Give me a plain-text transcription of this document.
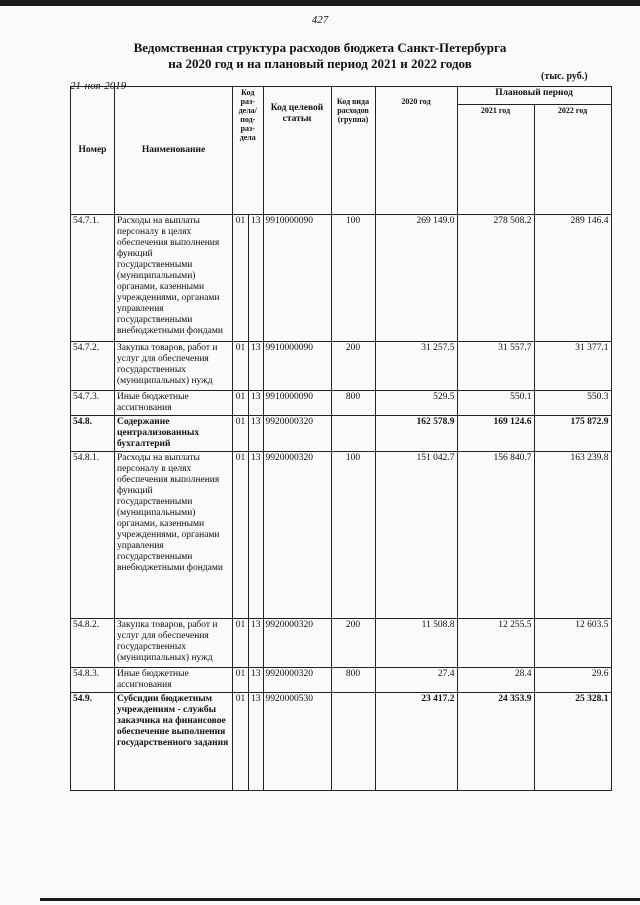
427
Ведомственная структура расходов бюджета Санкт-Петербурга
на 2020 год и на плановый период 2021 и 2022 годов
21-ноя-2019
(тыс. руб.)
Номер	Наименование	Код раз-дела/ под-раз-дела		Код целевой статьи	Код вида расходов (группа)	2020 год	Плановый период	
							2021 год	2022 год
54.7.1.	Расходы на выплаты персоналу в целях обеспечения выполнения функций государственными (муниципальными) органами, казенными учреждениями, органами управления государственными внебюджетными фондами	01	13	9910000090	100	269 149.0	278 508.2	289 146.4
54.7.2.	Закупка товаров, работ и услуг для обеспечения государственных (муниципальных) нужд	01	13	9910000090	200	31 257.5	31 557.7	31 377.1
54.7.3.	Иные бюджетные ассигнования	01	13	9910000090	800	529.5	550.1	550.3
54.8.	Содержание централизованных бухгалтерий	01	13	9920000320		162 578.9	169 124.6	175 872.9
54.8.1.	Расходы на выплаты персоналу в целях обеспечения выполнения функций государственными (муниципальными) органами, казенными учреждениями, органами управления государственными внебюджетными фондами	01	13	9920000320	100	151 042.7	156 840.7	163 239.8
54.8.2.	Закупка товаров, работ и услуг для обеспечения государственных (муниципальных) нужд	01	13	9920000320	200	11 508.8	12 255.5	12 603.5
54.8.3.	Иные бюджетные ассигнования	01	13	9920000320	800	27.4	28.4	29.6
54.9.	Субсидии бюджетным учреждениям - службы заказчика на финансовое обеспечение выполнения государственного задания	01	13	9920000530		23 417.2	24 353.9	25 328.1
